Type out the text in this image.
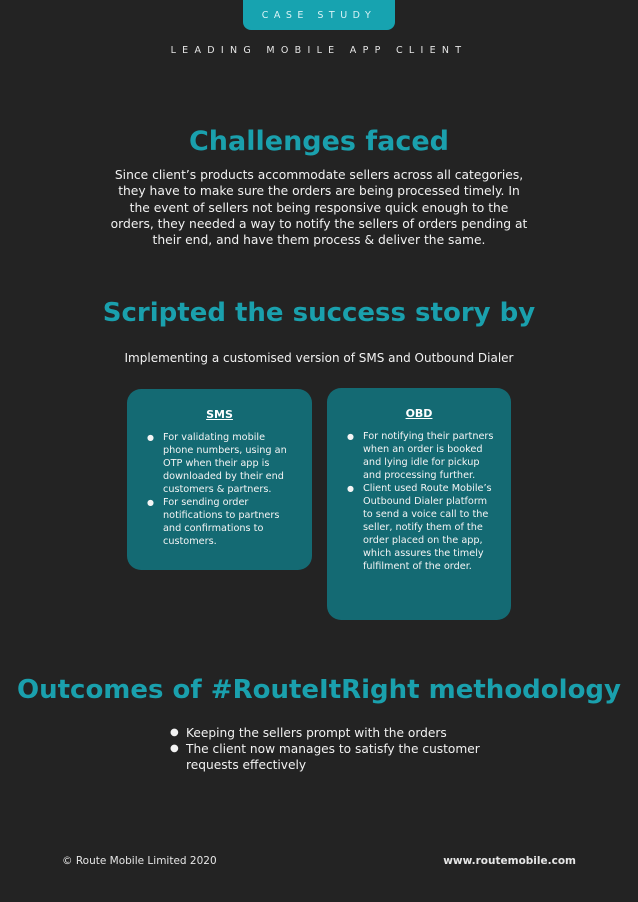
CASE STUDY
LEADING MOBILE APP CLIENT
Challenges faced
Since client’s products accommodate sellers across all categories, they have to make sure the orders are being processed timely. In the event of sellers not being responsive quick enough to the orders, they needed a way to notify the sellers of orders pending at their end, and have them process & deliver the same.
Scripted the success story by
Implementing a customised version of SMS and Outbound Dialer
SMS
● For validating mobile phone numbers, using an OTP when their app is downloaded by their end customers & partners.
● For sending order notifications to partners and confirmations to customers.
OBD
● For notifying their partners when an order is booked and lying idle for pickup and processing further.
● Client used Route Mobile’s Outbound Dialer platform to send a voice call to the seller, notify them of the order placed on the app, which assures the timely fulfilment of the order.
Outcomes of #RouteItRight methodology
● Keeping the sellers prompt with the orders
● The client now manages to satisfy the customer requests effectively
© Route Mobile Limited 2020	www.routemobile.com
